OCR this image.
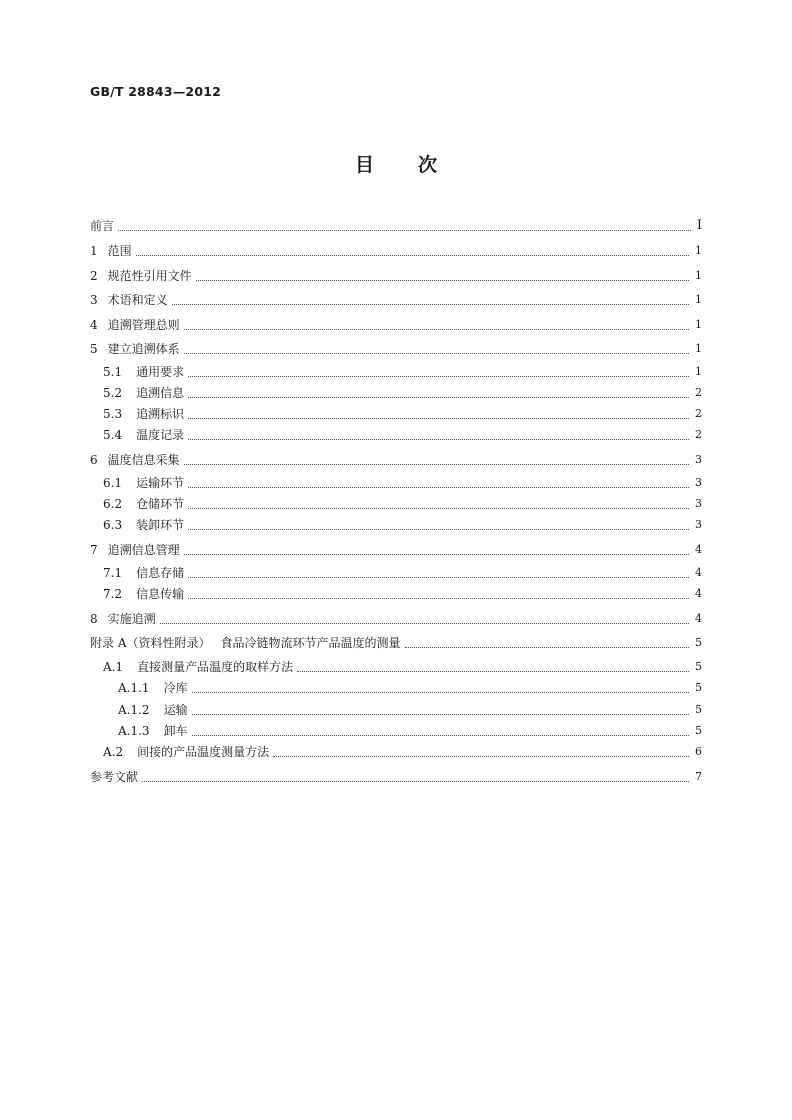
GB/T 28843—2012
目 次
前言	I
1 范围	1
2 规范性引用文件	1
3 术语和定义	1
4 追溯管理总则	1
5 建立追溯体系	1
5.1 通用要求	1
5.2 追溯信息	2
5.3 追溯标识	2
5.4 温度记录	2
6 温度信息采集	3
6.1 运输环节	3
6.2 仓储环节	3
6.3 装卸环节	3
7 追溯信息管理	4
7.1 信息存储	4
7.2 信息传输	4
8 实施追溯	4
附录 A（资料性附录） 食品冷链物流环节产品温度的测量	5
A.1 直接测量产品温度的取样方法	5
A.1.1 冷库	5
A.1.2 运输	5
A.1.3 卸车	5
A.2 间接的产品温度测量方法	6
参考文献	7
